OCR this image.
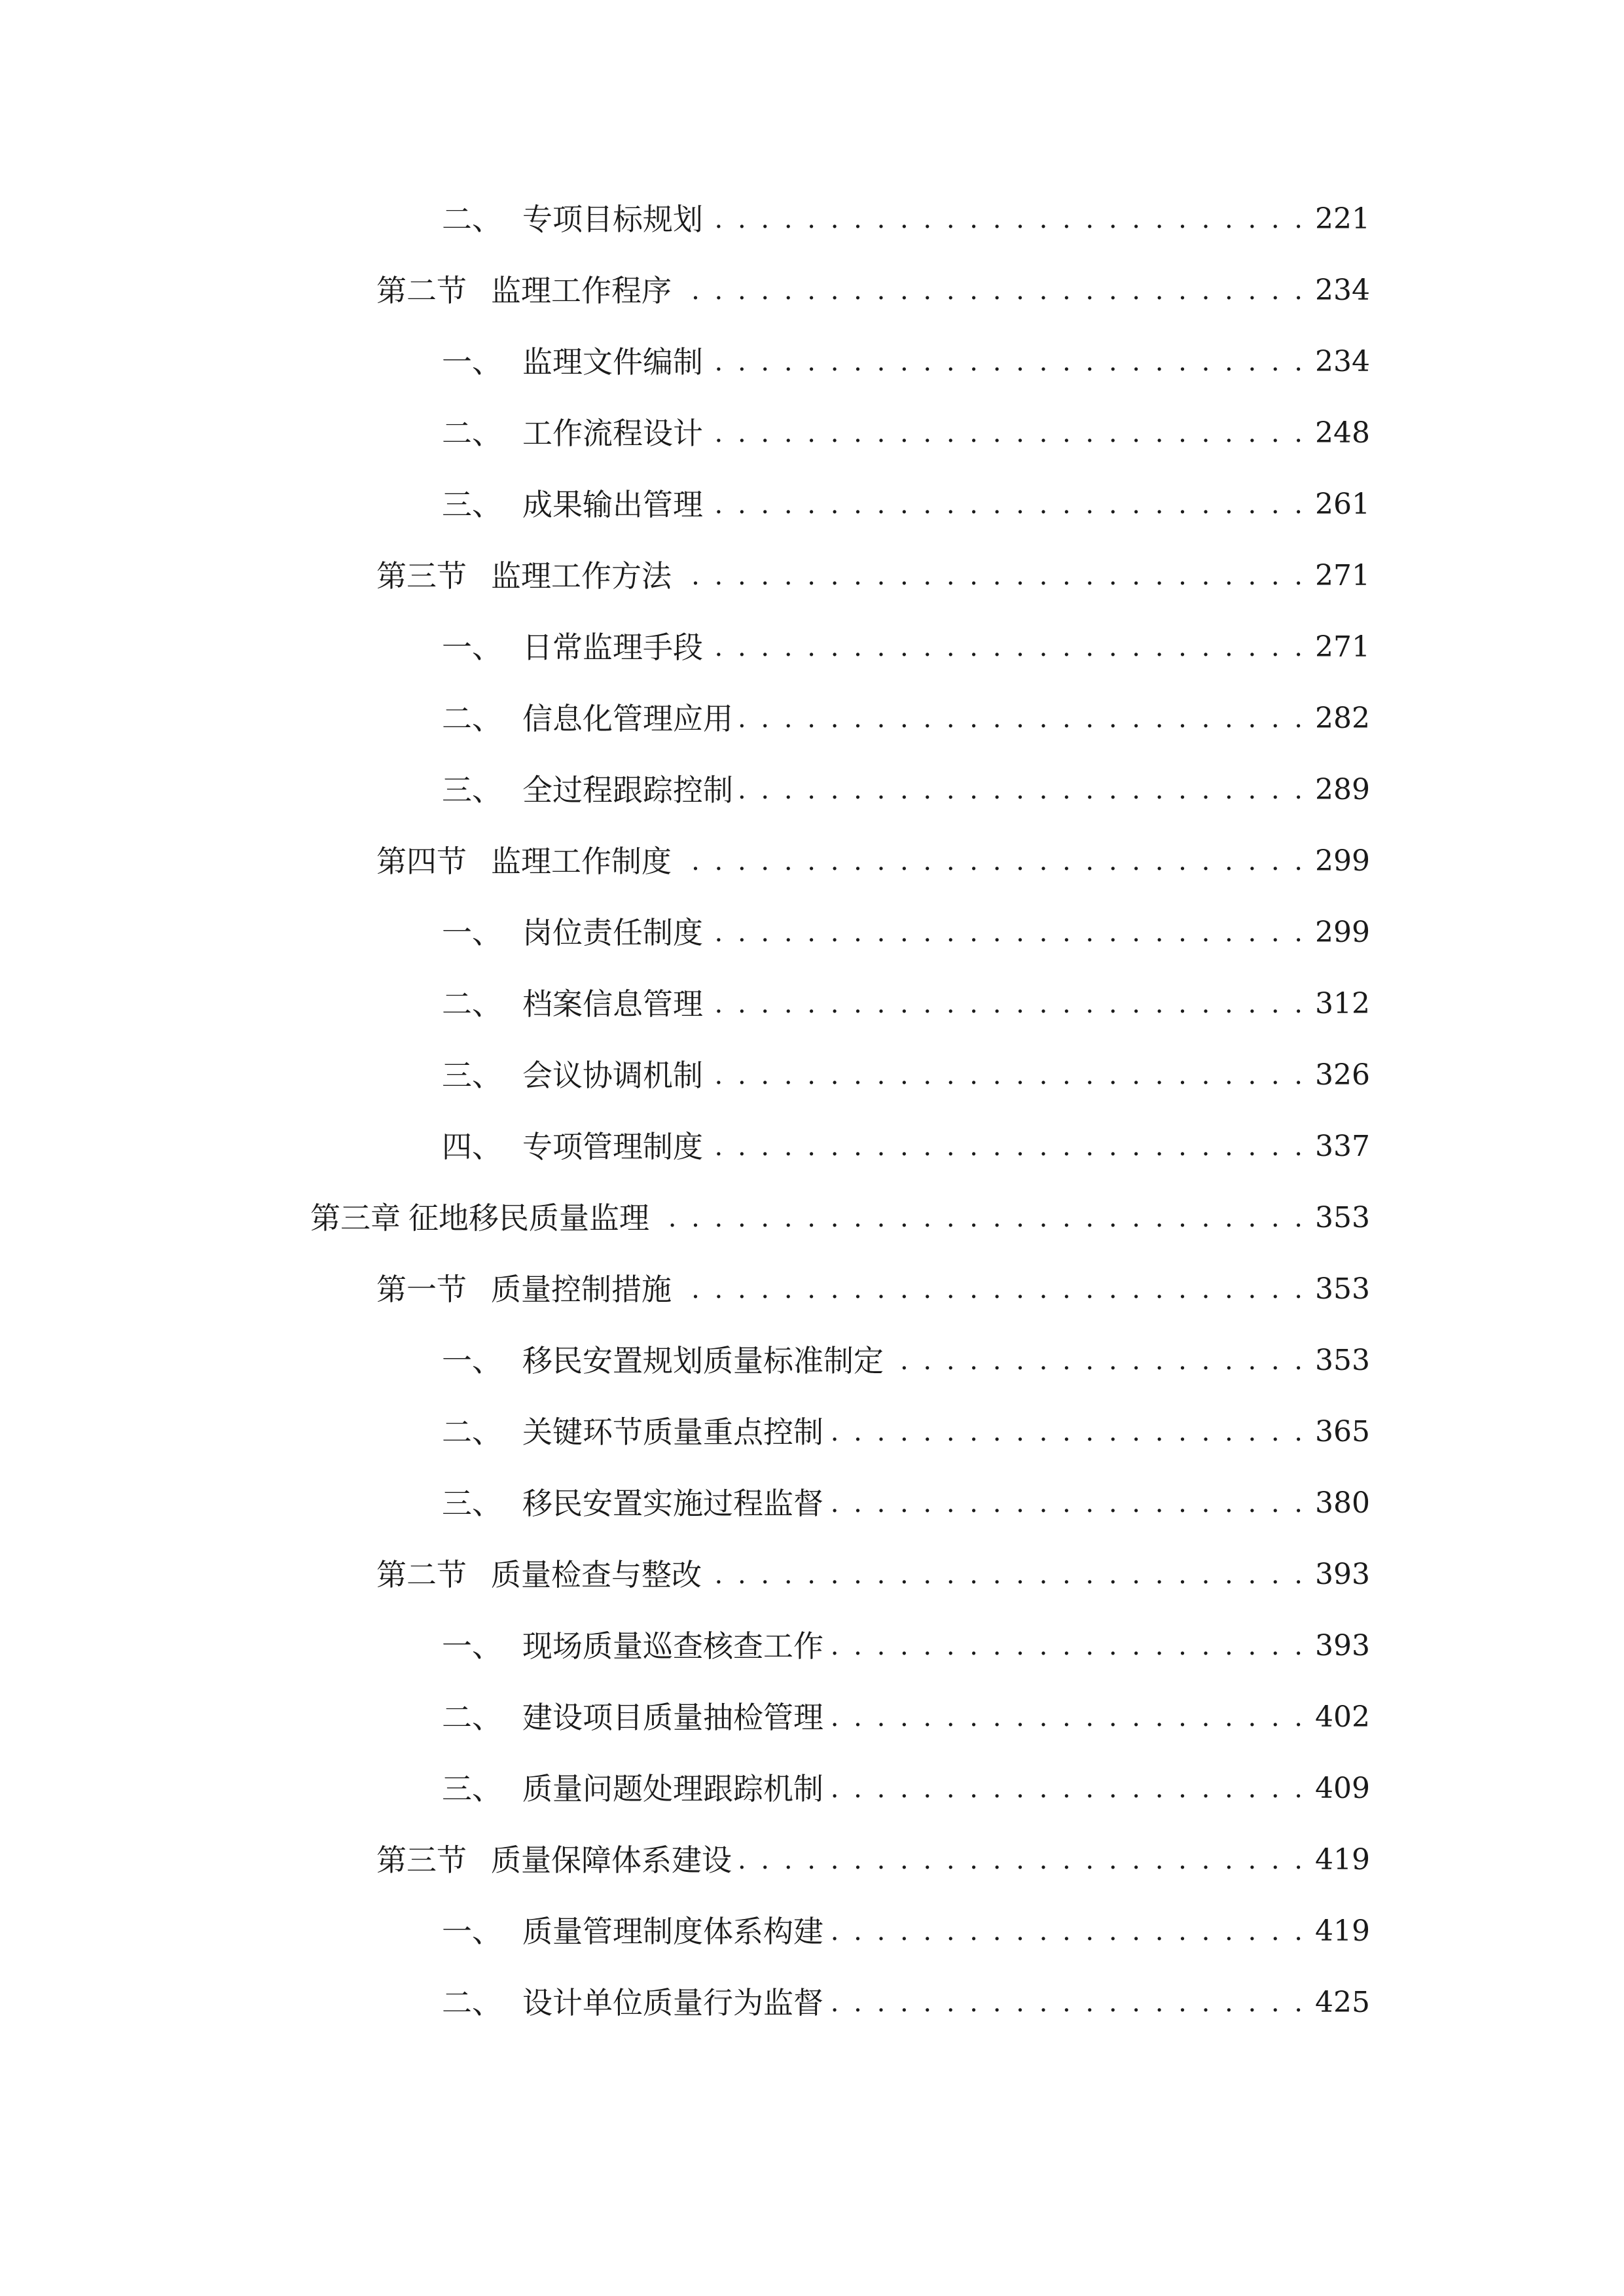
二、 专项目标规划 . . .	221
第二节 监理工作程序 . . .	234
一、 监理文件编制 . . .	234
二、 工作流程设计 . . .	248
三、 成果输出管理 . . .	261
第三节 监理工作方法 . . .	271
一、 日常监理手段 . . .	271
二、 信息化管理应用 . . .	282
三、 全过程跟踪控制 . . .	289
第四节 监理工作制度 . . .	299
一、 岗位责任制度 . . .	299
二、 档案信息管理 . . .	312
三、 会议协调机制 . . .	326
四、 专项管理制度 . . .	337
第三章 征地移民质量监理 . . .	353
第一节 质量控制措施 . . .	353
一、 移民安置规划质量标准制定 . . .	353
二、 关键环节质量重点控制 . . .	365
三、 移民安置实施过程监督 . . .	380
第二节 质量检查与整改 . . .	393
一、 现场质量巡查核查工作 . . .	393
二、 建设项目质量抽检管理 . . .	402
三、 质量问题处理跟踪机制 . . .	409
第三节 质量保障体系建设 . . .	419
一、 质量管理制度体系构建 . . .	419
二、 设计单位质量行为监督 . . .	425
